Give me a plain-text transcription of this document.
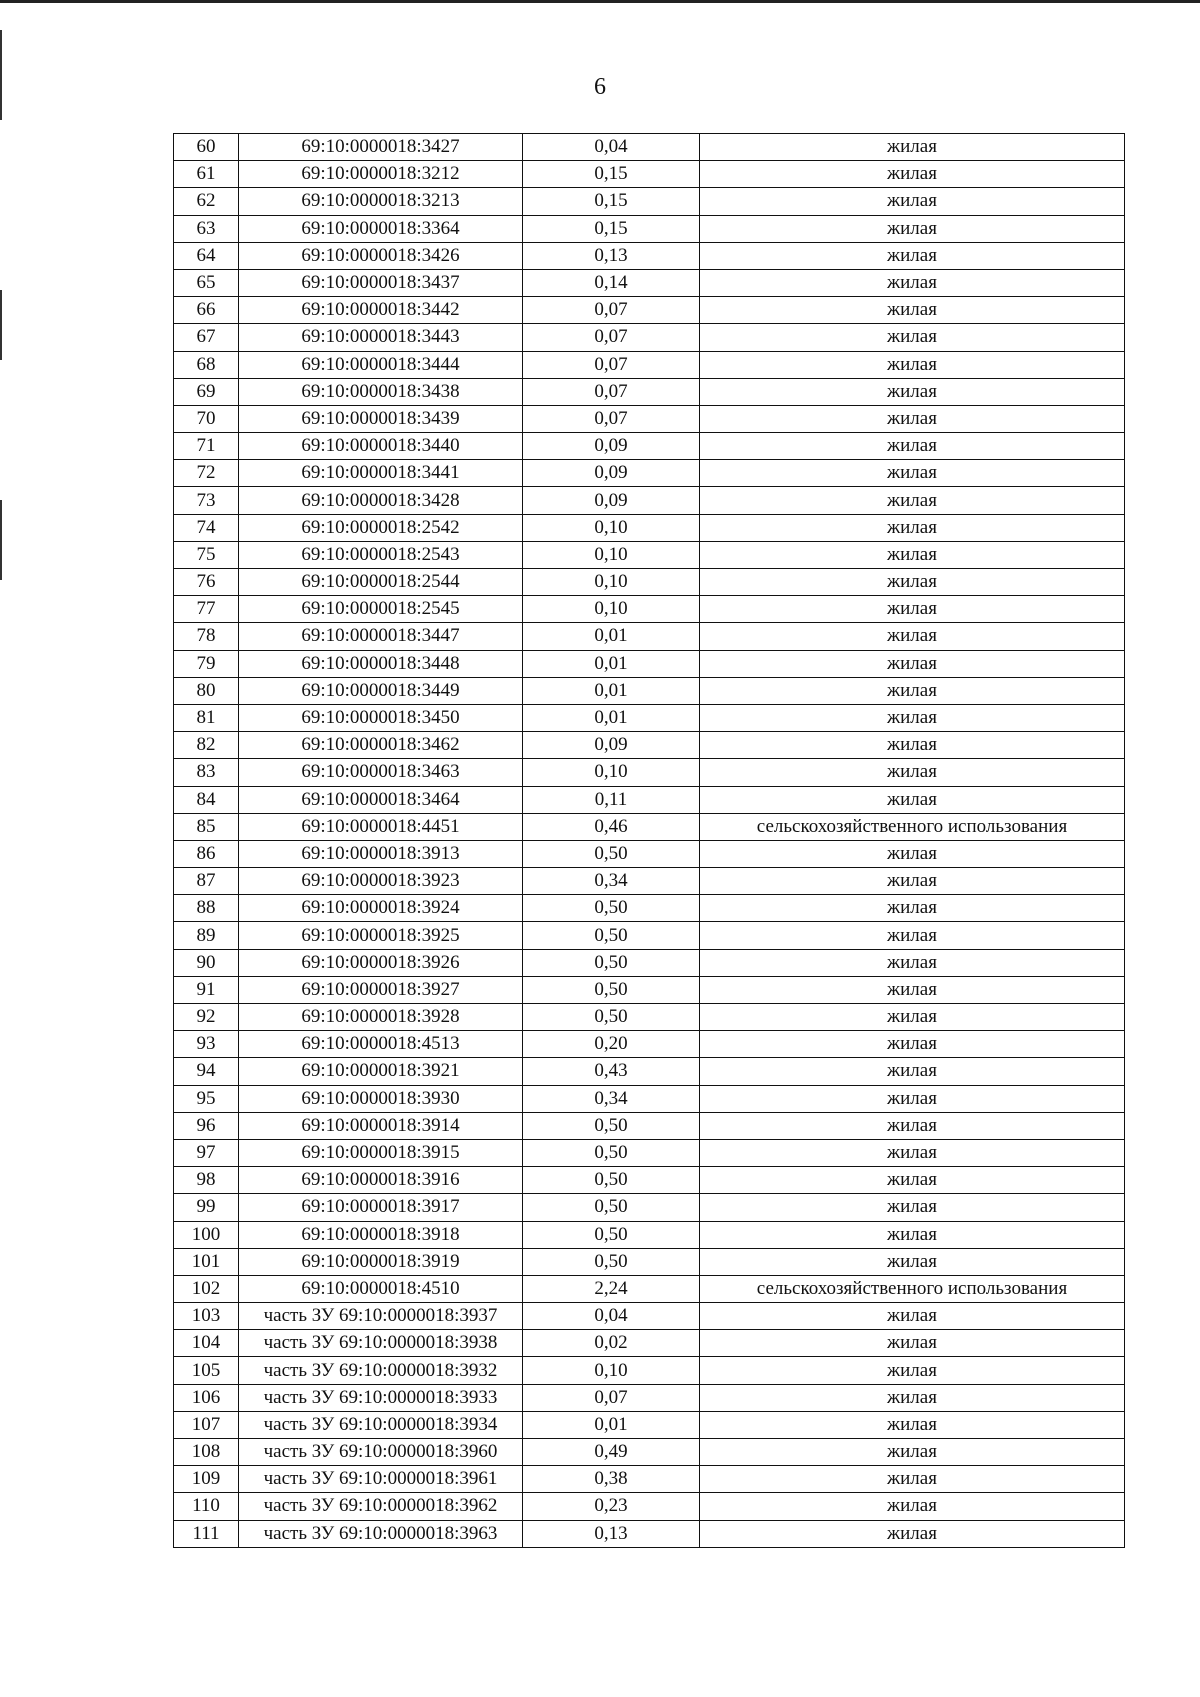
6
60	69:10:0000018:3427	0,04	жилая
61	69:10:0000018:3212	0,15	жилая
62	69:10:0000018:3213	0,15	жилая
63	69:10:0000018:3364	0,15	жилая
64	69:10:0000018:3426	0,13	жилая
65	69:10:0000018:3437	0,14	жилая
66	69:10:0000018:3442	0,07	жилая
67	69:10:0000018:3443	0,07	жилая
68	69:10:0000018:3444	0,07	жилая
69	69:10:0000018:3438	0,07	жилая
70	69:10:0000018:3439	0,07	жилая
71	69:10:0000018:3440	0,09	жилая
72	69:10:0000018:3441	0,09	жилая
73	69:10:0000018:3428	0,09	жилая
74	69:10:0000018:2542	0,10	жилая
75	69:10:0000018:2543	0,10	жилая
76	69:10:0000018:2544	0,10	жилая
77	69:10:0000018:2545	0,10	жилая
78	69:10:0000018:3447	0,01	жилая
79	69:10:0000018:3448	0,01	жилая
80	69:10:0000018:3449	0,01	жилая
81	69:10:0000018:3450	0,01	жилая
82	69:10:0000018:3462	0,09	жилая
83	69:10:0000018:3463	0,10	жилая
84	69:10:0000018:3464	0,11	жилая
85	69:10:0000018:4451	0,46	сельскохозяйственного использования
86	69:10:0000018:3913	0,50	жилая
87	69:10:0000018:3923	0,34	жилая
88	69:10:0000018:3924	0,50	жилая
89	69:10:0000018:3925	0,50	жилая
90	69:10:0000018:3926	0,50	жилая
91	69:10:0000018:3927	0,50	жилая
92	69:10:0000018:3928	0,50	жилая
93	69:10:0000018:4513	0,20	жилая
94	69:10:0000018:3921	0,43	жилая
95	69:10:0000018:3930	0,34	жилая
96	69:10:0000018:3914	0,50	жилая
97	69:10:0000018:3915	0,50	жилая
98	69:10:0000018:3916	0,50	жилая
99	69:10:0000018:3917	0,50	жилая
100	69:10:0000018:3918	0,50	жилая
101	69:10:0000018:3919	0,50	жилая
102	69:10:0000018:4510	2,24	сельскохозяйственного использования
103	часть ЗУ 69:10:0000018:3937	0,04	жилая
104	часть ЗУ 69:10:0000018:3938	0,02	жилая
105	часть ЗУ 69:10:0000018:3932	0,10	жилая
106	часть ЗУ 69:10:0000018:3933	0,07	жилая
107	часть ЗУ 69:10:0000018:3934	0,01	жилая
108	часть ЗУ 69:10:0000018:3960	0,49	жилая
109	часть ЗУ 69:10:0000018:3961	0,38	жилая
110	часть ЗУ 69:10:0000018:3962	0,23	жилая
111	часть ЗУ 69:10:0000018:3963	0,13	жилая
